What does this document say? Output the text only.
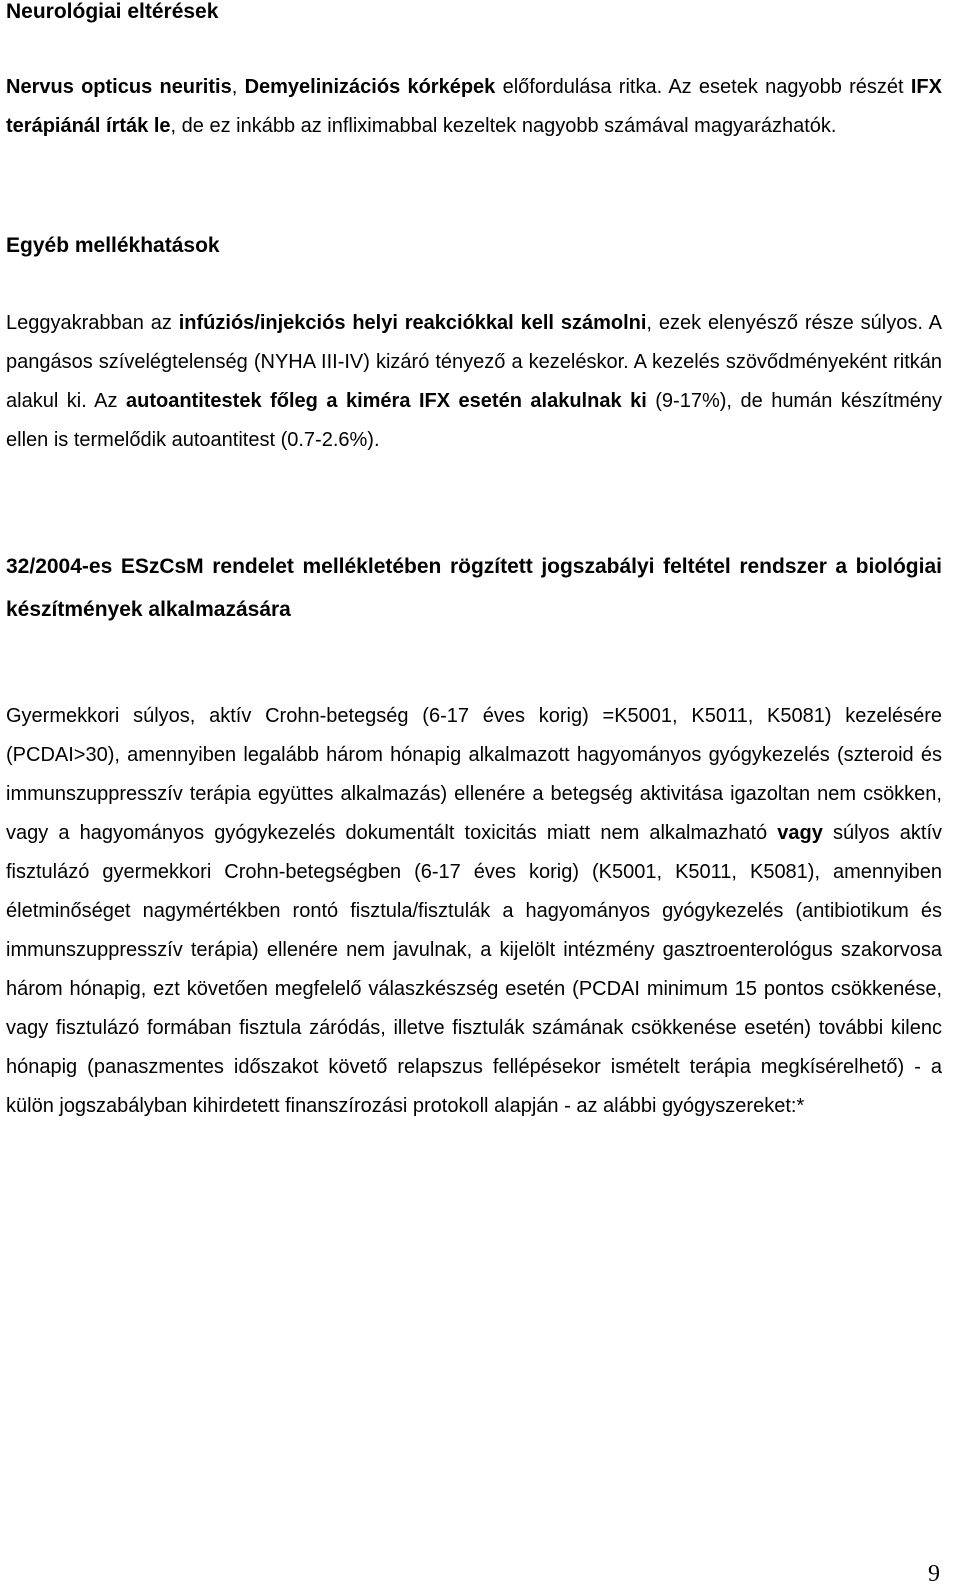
Neurológiai eltérések

Nervus opticus neuritis, Demyelinizációs kórképek előfordulása ritka. Az esetek nagyobb részét IFX terápiánál írták le, de ez inkább az infliximabbal kezeltek nagyobb számával magyarázhatók.

Egyéb mellékhatások

Leggyakrabban az infúziós/injekciós helyi reakciókkal kell számolni, ezek elenyésző része súlyos. A pangásos szívelégtelenség (NYHA III-IV) kizáró tényező a kezeléskor. A kezelés szövődményeként ritkán alakul ki. Az autoantitestek főleg a kiméra IFX esetén alakulnak ki (9-17%), de humán készítmény ellen is termelődik autoantitest (0.7-2.6%).

32/2004-es ESzCsM rendelet mellékletében rögzített jogszabályi feltétel rendszer a biológiai készítmények alkalmazására

Gyermekkori súlyos, aktív Crohn-betegség (6-17 éves korig) =K5001, K5011, K5081) kezelésére (PCDAI>30), amennyiben legalább három hónapig alkalmazott hagyományos gyógykezelés (szteroid és immunszuppresszív terápia együttes alkalmazás) ellenére a betegség aktivitása igazoltan nem csökken, vagy a hagyományos gyógykezelés dokumentált toxicitás miatt nem alkalmazható vagy súlyos aktív fisztulázó gyermekkori Crohn-betegségben (6-17 éves korig) (K5001, K5011, K5081), amennyiben életminőséget nagymértékben rontó fisztula/fisztulák a hagyományos gyógykezelés (antibiotikum és immunszuppresszív terápia) ellenére nem javulnak, a kijelölt intézmény gasztroenterológus szakorvosa három hónapig, ezt követően megfelelő válaszkészség esetén (PCDAI minimum 15 pontos csökkenése, vagy fisztulázó formában fisztula záródás, illetve fisztulák számának csökkenése esetén) további kilenc hónapig (panaszmentes időszakot követő relapszus fellépésekor ismételt terápia megkísérelhető) - a külön jogszabályban kihirdetett finanszírozási protokoll alapján - az alábbi gyógyszereket:*

9
